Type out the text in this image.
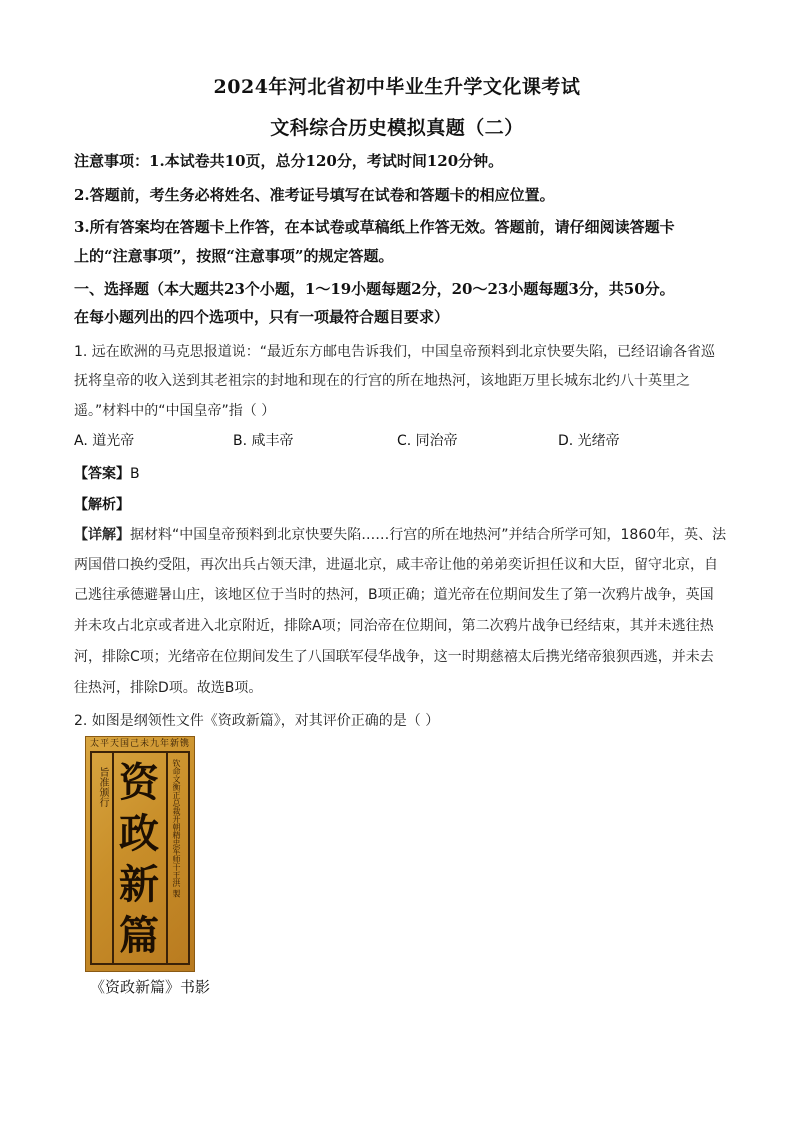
2024年河北省初中毕业生升学文化课考试
文科综合历史模拟真题（二）
注意事项：1.本试卷共10页，总分120分，考试时间120分钟。
2.答题前，考生务必将姓名、准考证号填写在试卷和答题卡的相应位置。
3.所有答案均在答题卡上作答，在本试卷或草稿纸上作答无效。答题前，请仔细阅读答题卡
上的“注意事项”，按照“注意事项”的规定答题。
一、选择题（本大题共23个小题，1～19小题每题2分，20～23小题每题3分，共50分。
在每小题列出的四个选项中，只有一项最符合题目要求）
1. 远在欧洲的马克思报道说：“最近东方邮电告诉我们，中国皇帝预料到北京快要失陷，已经诏谕各省巡
抚将皇帝的收入送到其老祖宗的封地和现在的行宫的所在地热河，该地距万里长城东北约八十英里之
遥。”材料中的“中国皇帝”指（ ）
A. 道光帝	B. 咸丰帝	C. 同治帝	D. 光绪帝
【答案】B
【解析】
【详解】据材料“中国皇帝预料到北京快要失陷……行宫的所在地热河”并结合所学可知，1860年，英、法
两国借口换约受阻，再次出兵占领天津，进逼北京，咸丰帝让他的弟弟奕䜣担任议和大臣，留守北京，自
己逃往承德避暑山庄，该地区位于当时的热河，B项正确；道光帝在位期间发生了第一次鸦片战争，英国
并未攻占北京或者进入北京附近，排除A项；同治帝在位期间，第二次鸦片战争已经结束，其并未逃往热
河，排除C项；光绪帝在位期间发生了八国联军侵华战争，这一时期慈禧太后携光绪帝狼狈西逃，并未去
往热河，排除D项。故选B项。
2. 如图是纲领性文件《资政新篇》，对其评价正确的是（ ）
太平天国己未九年新镌
旨准颁行 资政新篇
钦命文衡正总裁开朝精忠军师干王洪 製
《资政新篇》书影
